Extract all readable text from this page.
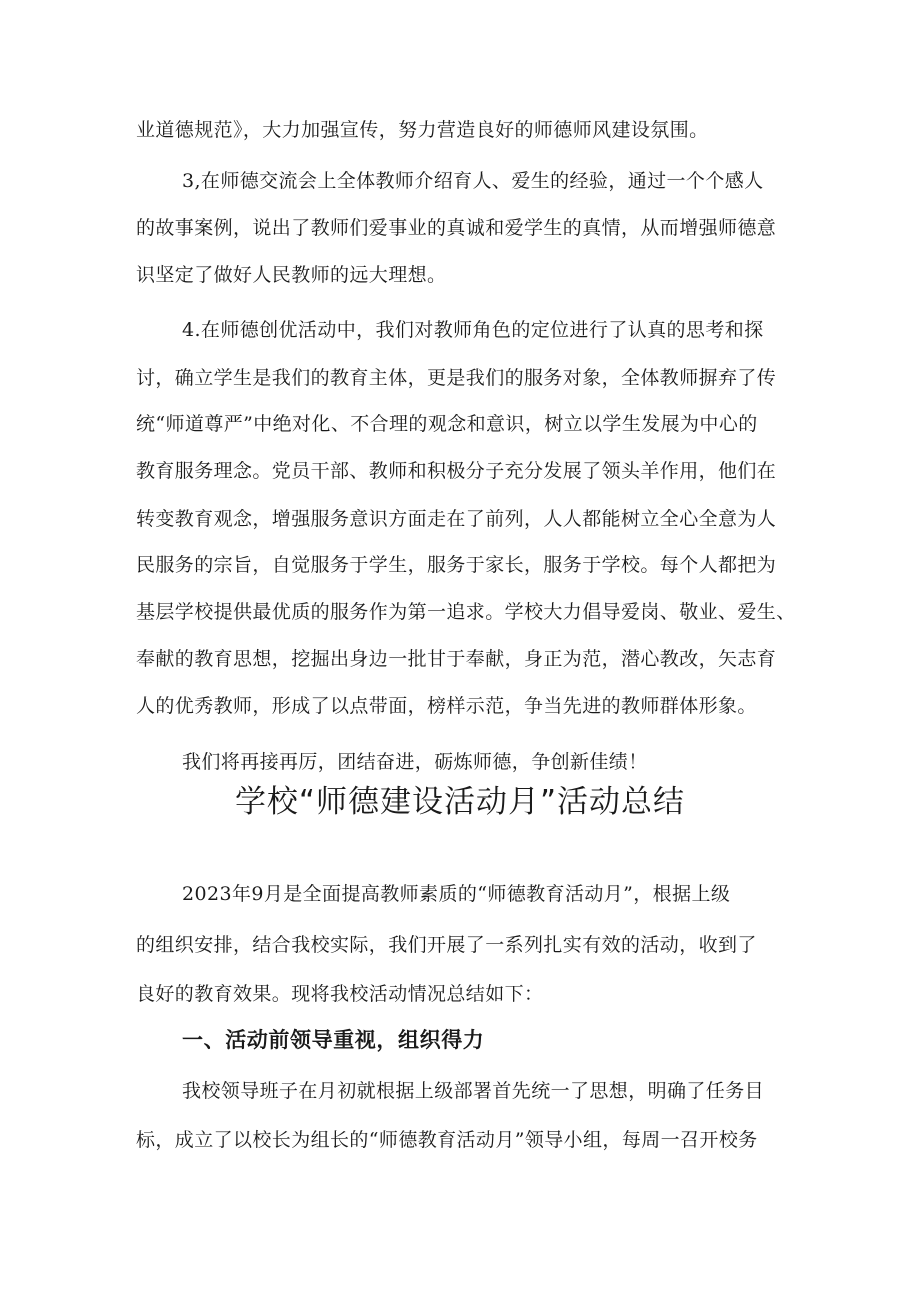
业道德规范》，大力加强宣传，努力营造良好的师德师风建设氛围。
3,在师德交流会上全体教师介绍育人、爱生的经验，通过一个个感人
的故事案例，说出了教师们爱事业的真诚和爱学生的真情，从而增强师德意
识坚定了做好人民教师的远大理想。
4.在师德创优活动中，我们对教师角色的定位进行了认真的思考和探
讨，确立学生是我们的教育主体，更是我们的服务对象，全体教师摒弃了传
统“师道尊严”中绝对化、不合理的观念和意识，树立以学生发展为中心的
教育服务理念。党员干部、教师和积极分子充分发展了领头羊作用，他们在
转变教育观念，增强服务意识方面走在了前列，人人都能树立全心全意为人
民服务的宗旨，自觉服务于学生，服务于家长，服务于学校。每个人都把为
基层学校提供最优质的服务作为第一追求。学校大力倡导爱岗、敬业、爱生、
奉献的教育思想，挖掘出身边一批甘于奉献，身正为范，潜心教改，矢志育
人的优秀教师，形成了以点带面，榜样示范，争当先进的教师群体形象。
我们将再接再厉，团结奋进，砺炼师德，争创新佳绩！
学校“师德建设活动月”活动总结
2023年9月是全面提高教师素质的“师德教育活动月”，根据上级
的组织安排，结合我校实际，我们开展了一系列扎实有效的活动，收到了
良好的教育效果。现将我校活动情况总结如下：
一、活动前领导重视，组织得力
我校领导班子在月初就根据上级部署首先统一了思想，明确了任务目
标，成立了以校长为组长的“师德教育活动月”领导小组，每周一召开校务
